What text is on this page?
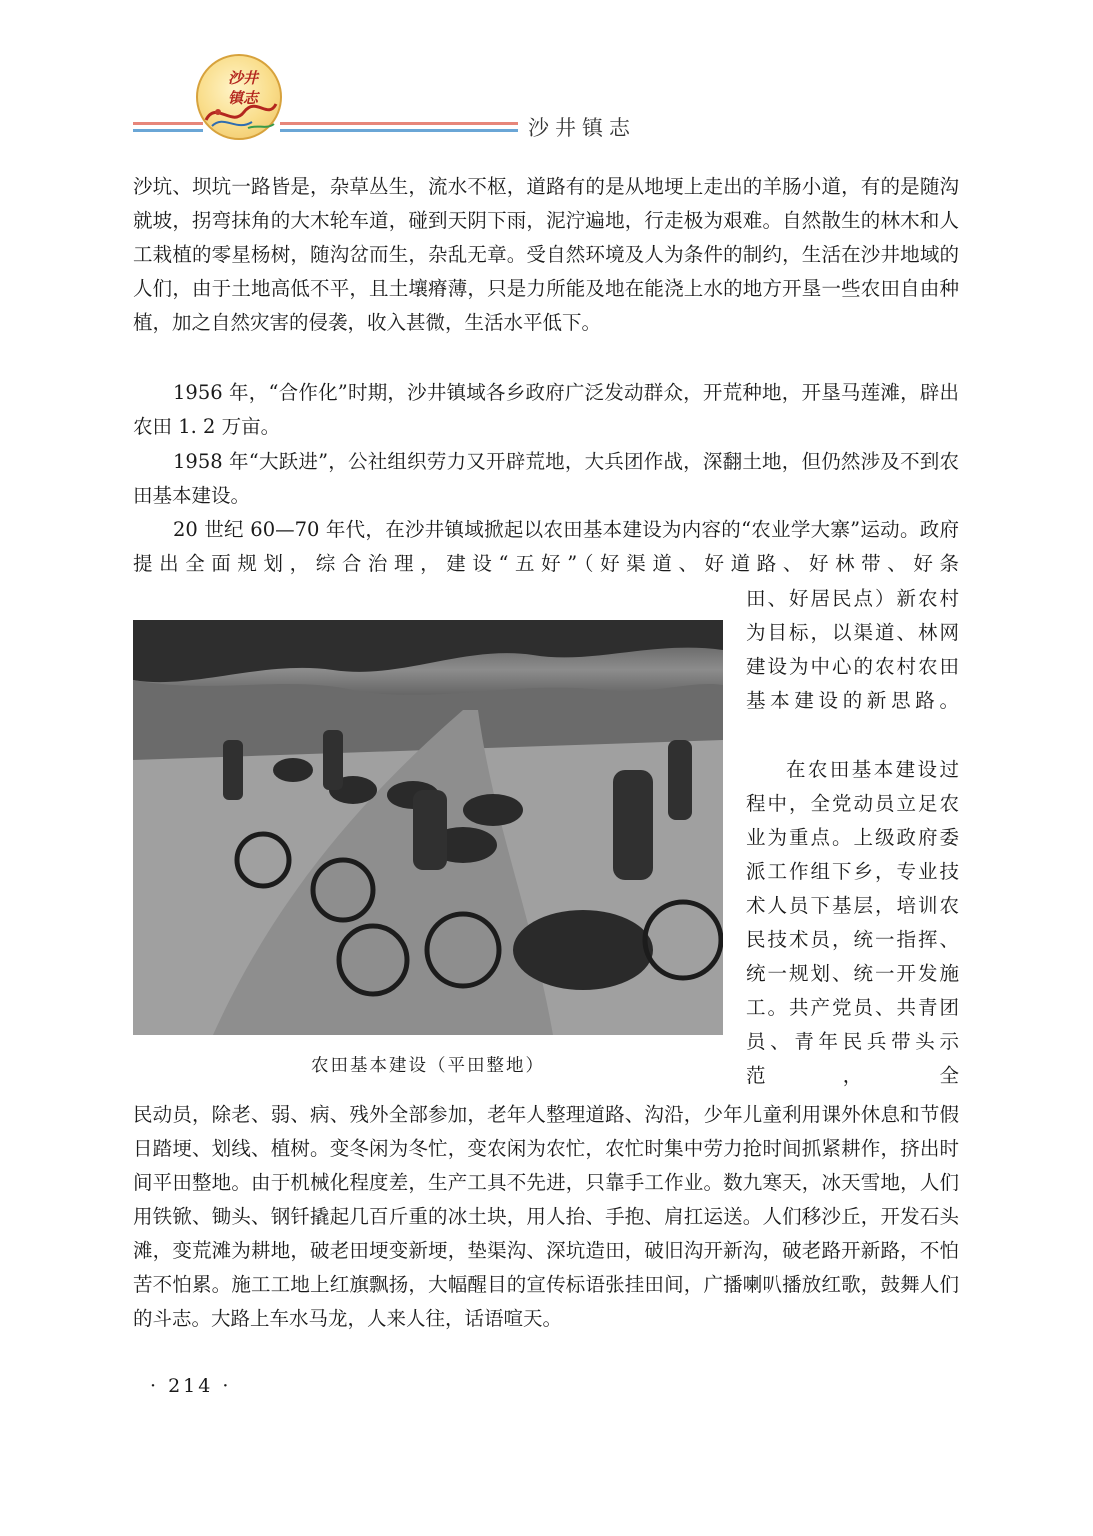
沙井
镇志
沙井镇志

沙坑、坝坑一路皆是，杂草丛生，流水不枢，道路有的是从地埂上走出的羊肠小道，有的是随沟就坡，拐弯抹角的大木轮车道，碰到天阴下雨，泥泞遍地，行走极为艰难。自然散生的林木和人工栽植的零星杨树，随沟岔而生，杂乱无章。受自然环境及人为条件的制约，生活在沙井地域的人们，由于土地高低不平，且土壤瘠薄，只是力所能及地在能浇上水的地方开垦一些农田自由种植，加之自然灾害的侵袭，收入甚微，生活水平低下。

1956 年，“合作化”时期，沙井镇域各乡政府广泛发动群众，开荒种地，开垦马莲滩，辟出农田 1. 2 万亩。

1958 年“大跃进”，公社组织劳力又开辟荒地，大兵团作战，深翻土地，但仍然涉及不到农田基本建设。

20 世纪 60—70 年代，在沙井镇域掀起以农田基本建设为内容的“农业学大寨”运动。政府提出全面规划，综合治理，建设“五好”（好渠道、好道路、好林带、好条

田、好居民点）新农村为目标，以渠道、林网建设为中心的农村农田基本建设的新思路。

在农田基本建设过程中，全党动员立足农业为重点。上级政府委派工作组下乡，专业技术人员下基层，培训农民技术员，统一指挥、统一规划、统一开发施工。共产党员、共青团员、青年民兵带头示范，全

农田基本建设（平田整地）

民动员，除老、弱、病、残外全部参加，老年人整理道路、沟沿，少年儿童利用课外休息和节假日踏埂、划线、植树。变冬闲为冬忙，变农闲为农忙，农忙时集中劳力抢时间抓紧耕作，挤出时间平田整地。由于机械化程度差，生产工具不先进，只靠手工作业。数九寒天，冰天雪地，人们用铁锨、锄头、钢钎撬起几百斤重的冰土块，用人抬、手抱、肩扛运送。人们移沙丘，开发石头滩，变荒滩为耕地，破老田埂变新埂，垫渠沟、深坑造田，破旧沟开新沟，破老路开新路，不怕苦不怕累。施工工地上红旗飘扬，大幅醒目的宣传标语张挂田间，广播喇叭播放红歌，鼓舞人们的斗志。大路上车水马龙，人来人往，话语喧天。

· 214 ·
